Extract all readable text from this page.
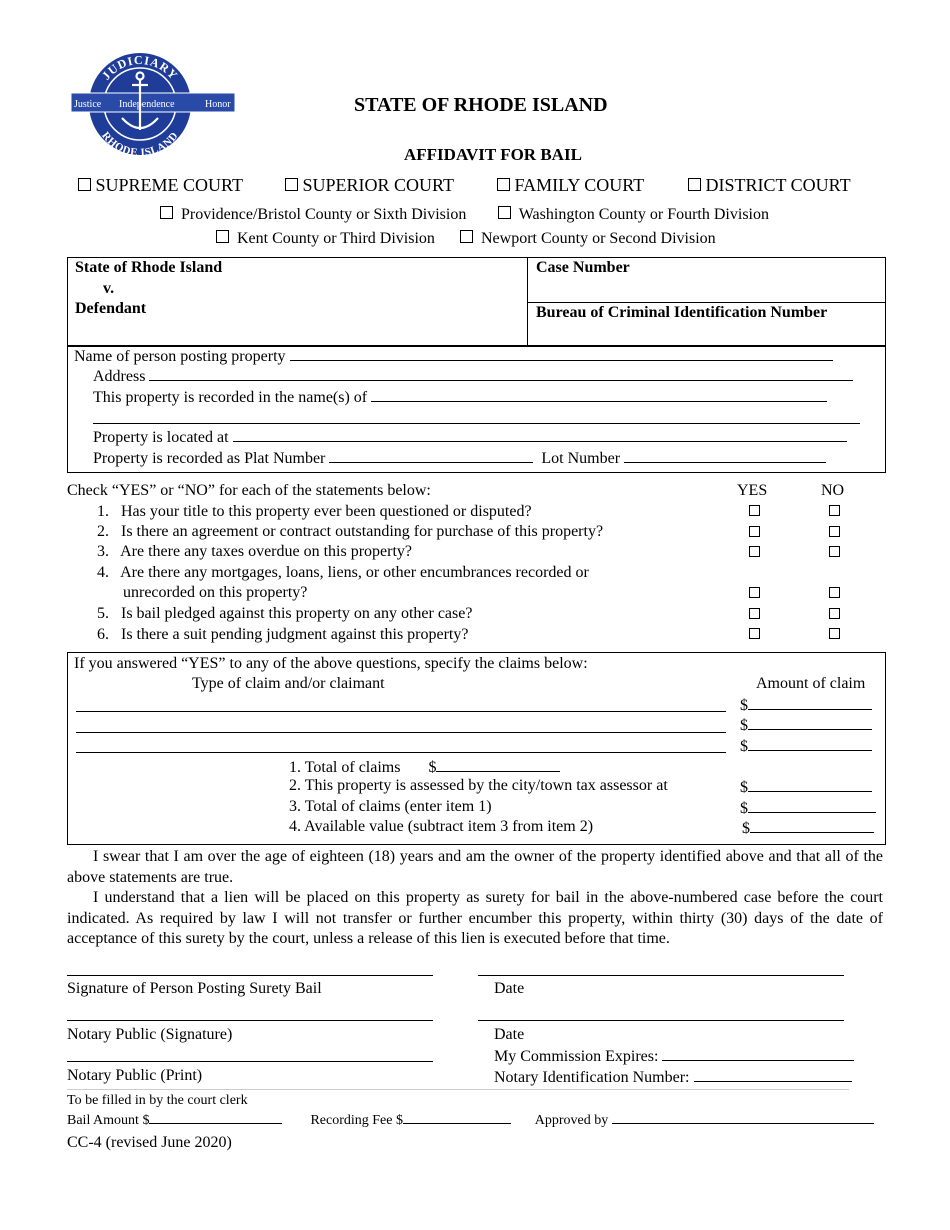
JUDICIARY
RHODE ISLAND
Justice Independence	Honor	STATE OF RHODE ISLAND
AFFIDAVIT FOR BAIL
SUPREME COURT	SUPERIOR COURT	FAMILY COURT	DISTRICT COURT
Providence/Bristol County or Sixth Division	Washington County or Fourth Division
Kent County or Third Division	Newport County or Second Division
State of Rhode Island
v.
Defendant
Case Number
Bureau of Criminal Identification Number
Name of person posting property
Address
This property is recorded in the name(s) of
Property is located at
Property is recorded as Plat Number	Lot Number
Check “YES” or “NO” for each of the statements below:	YES	NO
1. Has your title to this property ever been questioned or disputed?
2. Is there an agreement or contract outstanding for purchase of this property?
3. Are there any taxes overdue on this property?
4. Are there any mortgages, loans, liens, or other encumbrances recorded or
unrecorded on this property?
5. Is bail pledged against this property on any other case?
6. Is there a suit pending judgment against this property?
If you answered “YES” to any of the above questions, specify the claims below:
Type of claim and/or claimant	Amount of claim
$
$
$
1. Total of claims $
2. This property is assessed by the city/town tax assessor at	$
3. Total of claims (enter item 1)	$
4. Available value (subtract item 3 from item 2)	$
I swear that I am over the age of eighteen (18) years and am the owner of the property identified above and that all of the above statements are true.
I understand that a lien will be placed on this property as surety for bail in the above-numbered case before the court indicated. As required by law I will not transfer or further encumber this property, within thirty (30) days of the date of acceptance of this surety by the court, unless a release of this lien is executed before that time.
Signature of Person Posting Surety Bail	Date
Notary Public (Signature)	Date
My Commission Expires:
Notary Public (Print)	Notary Identification Number:
To be filled in by the court clerk
Bail Amount $	Recording Fee $	Approved by
CC-4 (revised June 2020)
